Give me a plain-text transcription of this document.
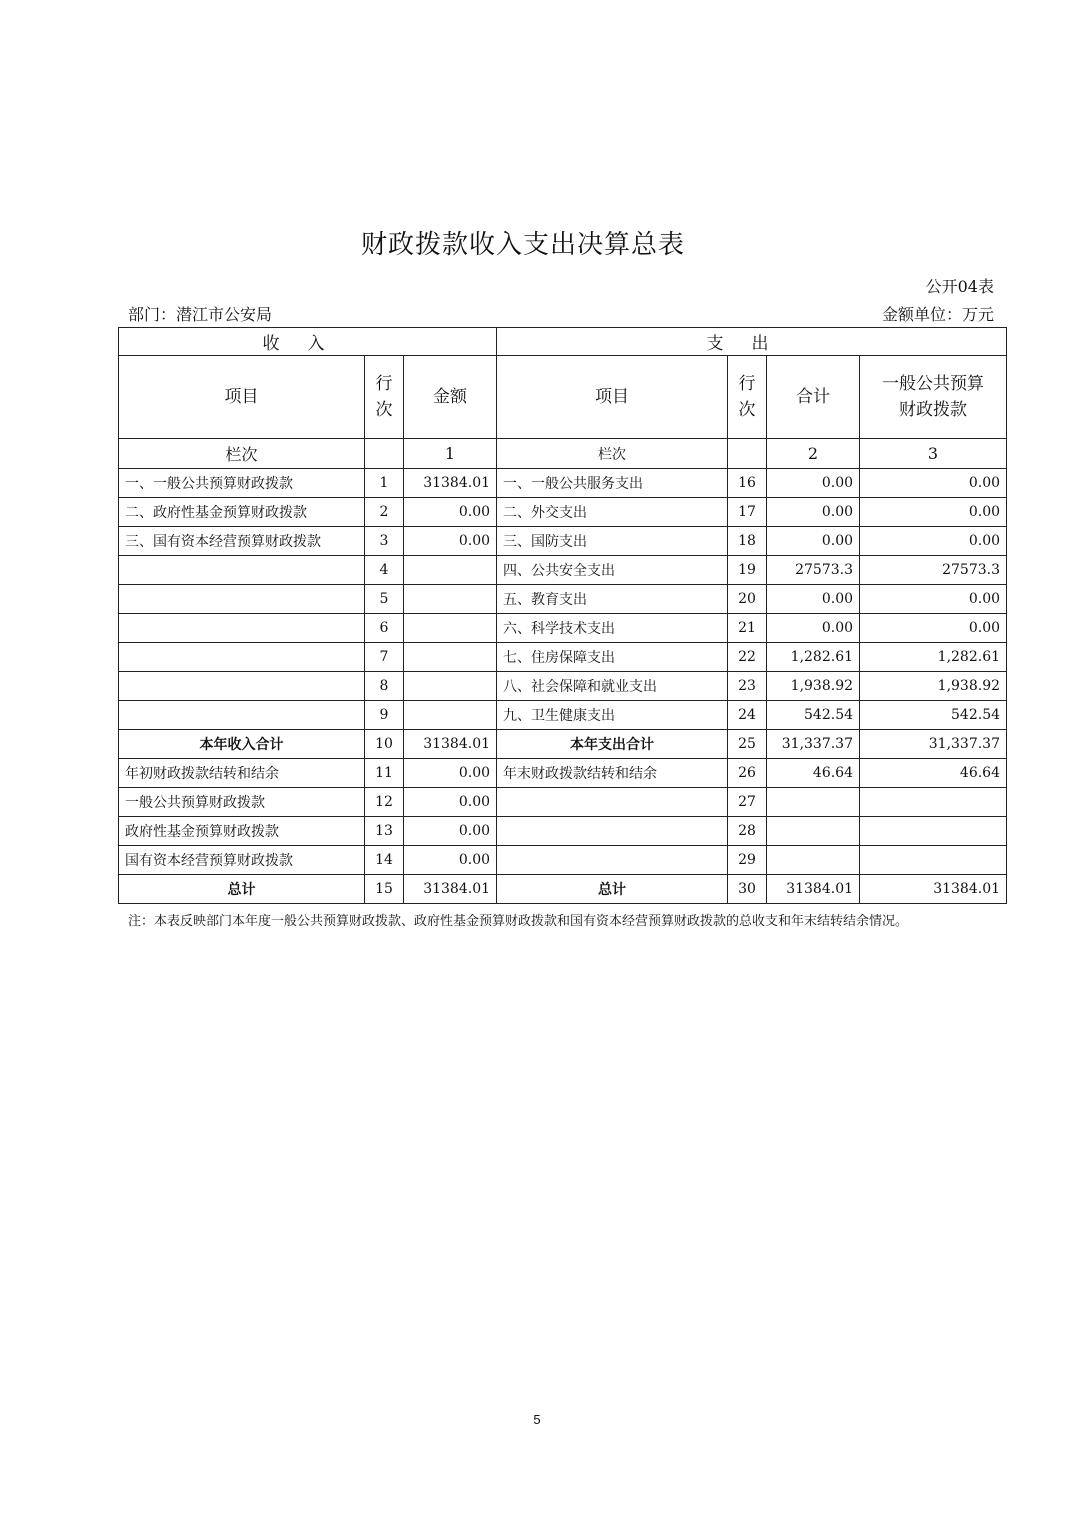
财政拨款收入支出决算总表
公开04表
部门：潜江市公安局	金额单位：万元
收入			支出			
项目	行次	金额	项目	行次	合计	一般公共预算财政拨款
栏次		1	栏次		2	3
一、一般公共预算财政拨款	1	31384.01	一、一般公共服务支出	16	0.00	0.00
二、政府性基金预算财政拨款	2	0.00	二、外交支出	17	0.00	0.00
三、国有资本经营预算财政拨款	3	0.00	三、国防支出	18	0.00	0.00
	4		四、公共安全支出	19	27573.3	27573.3
	5		五、教育支出	20	0.00	0.00
	6		六、科学技术支出	21	0.00	0.00
	7		七、住房保障支出	22	1,282.61	1,282.61
	8		八、社会保障和就业支出	23	1,938.92	1,938.92
	9		九、卫生健康支出	24	542.54	542.54
本年收入合计	10	31384.01	本年支出合计	25	31,337.37	31,337.37
年初财政拨款结转和结余	11	0.00	年末财政拨款结转和结余	26	46.64	46.64
一般公共预算财政拨款	12	0.00		27		
政府性基金预算财政拨款	13	0.00		28		
国有资本经营预算财政拨款	14	0.00		29		
总计	15	31384.01	总计	30	31384.01	31384.01
注：本表反映部门本年度一般公共预算财政拨款、政府性基金预算财政拨款和国有资本经营预算财政拨款的总收支和年末结转结余情况。
5
